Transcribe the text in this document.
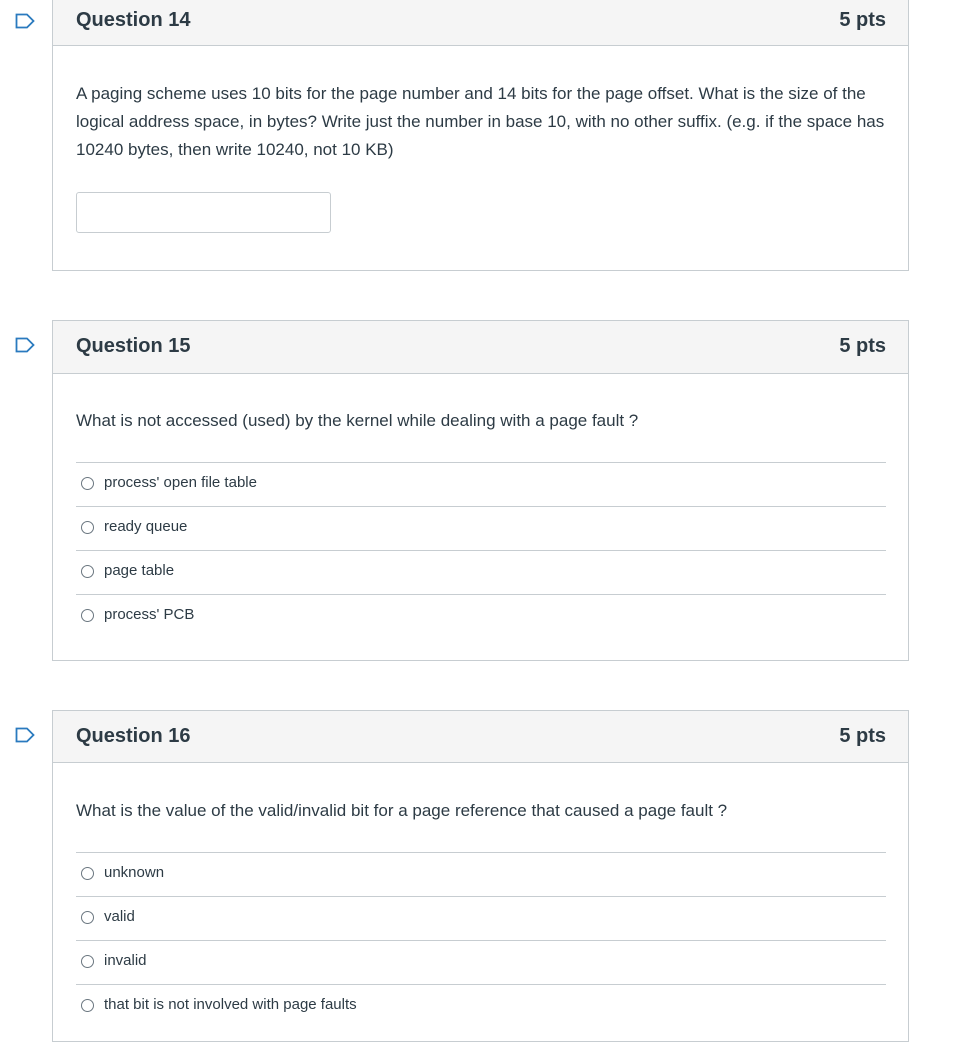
Question 14	5 pts

A paging scheme uses 10 bits for the page number and 14 bits for the page offset. What is the size of the logical address space, in bytes? Write just the number in base 10, with no other suffix. (e.g. if the space has 10240 bytes, then write 10240, not 10 KB)

Question 15	5 pts

What is not accessed (used) by the kernel while dealing with a page fault ?

process' open file table
ready queue
page table
process' PCB
Question 16	5 pts

What is the value of the valid/invalid bit for a page reference that caused a page fault ?

unknown
valid
invalid
that bit is not involved with page faults
